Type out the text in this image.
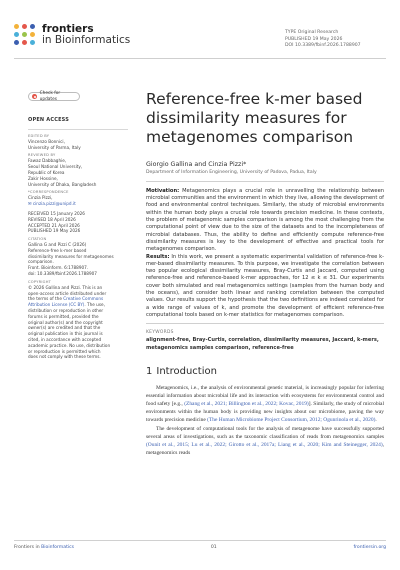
frontiers
in Bioinformatics
TYPE Original Research
PUBLISHED 19 May 2026
DOI 10.3389/fbinf.2026.1788907
Check for updates
OPEN ACCESS
EDITED BY
Vincenzo Bonnici,
University of Parma, Italy
REVIEWED BY
Fawaz Dabbaghie,
Seoul National University,
Republic of Korea
Zakir Hossine,
University of Dhaka, Bangladesh
*CORRESPONDENCE
Cinzia Pizzi,
✉ cinzia.pizzi@unipd.it
RECEIVED 15 January 2026
REVISED 18 April 2026
ACCEPTED 21 April 2026
PUBLISHED 19 May 2026
CITATION
Gallina G and Pizzi C (2026)
Reference-free k-mer based
dissimilarity measures for metagenomes
comparison.
Front. Bioinform. 6:1788907.
doi: 10.3389/fbinf.2026.1788907
COPYRIGHT
© 2026 Gallina and Pizzi. This is an
open-access article distributed under
the terms of the Creative Commons
Attribution License (CC BY). The use,
distribution or reproduction in other
forums is permitted, provided the
original author(s) and the copyright
owner(s) are credited and that the
original publication in this journal is
cited, in accordance with accepted
academic practice. No use, distribution
or reproduction is permitted which
does not comply with these terms.
Reference-free k-mer based dissimilarity measures for metagenomes comparison
Giorgio Gallina and Cinzia Pizzi*
Department of Information Engineering, University of Padova, Padua, Italy

Motivation: Metagenomics plays a crucial role in unravelling the relationship between microbial communities and the environment in which they live, allowing the development of food and environmental control techniques. Similarly, the study of microbial environments within the human body plays a crucial role towards precision medicine. In these contexts, the problem of metagenomic samples comparison is among the most challenging from the computational point of view due to the size of the datasets and to the incompleteness of microbial databases. Thus, the ability to define and efficiently compute reference-free dissimilarity measures is key to the development of effective and practical tools for metagenomes comparison.

Results: In this work, we present a systematic experimental validation of reference-free k-mer-based dissimilarity measures. To this purpose, we investigate the correlation between two popular ecological dissimilarity measures, Bray-Curtis and Jaccard, computed using reference-free and reference-based k-mer approaches, for 12 ≤ k ≤ 31. Our experiments cover both simulated and real metagenomics settings (samples from the human body and the oceans), and consider both linear and ranking correlation between the computed values. Our results support the hypothesis that the two definitions are indeed correlated for a wide range of values of k, and promote the development of efficient reference-free computational tools based on k-mer statistics for metagenomes comparison.

KEYWORDS
alignment-free, Bray-Curtis, correlation, dissimilarity measures, Jaccard, k-mers, metagenomics samples comparison, reference-free
1 Introduction

Metagenomics, i.e., the analysis of environmental genetic material, is increasingly popular for inferring essential information about microbial life and its interaction with ecosystems for environmental control and food safety [e.g., (Zhang et al., 2021; Billington et al., 2022; Kovac, 2019)]. Similarly, the study of microbial environments within the human body is providing new insights about our microbiome, paving the way towards precision medicine (The Human Microbiome Project Consortium, 2012; Ogunrinola et al., 2020).

The development of computational tools for the analysis of metagenome have successfully supported several areas of investigations, such as the taxonomic classification of reads from metagenomics samples (Ounit et al., 2015; Lu et al., 2022; Girotto et al., 2017a; Liang et al., 2020; Kim and Steinegger, 2024), metagenomics reads

Frontiers in Bioinformatics	01	frontiersin.org
